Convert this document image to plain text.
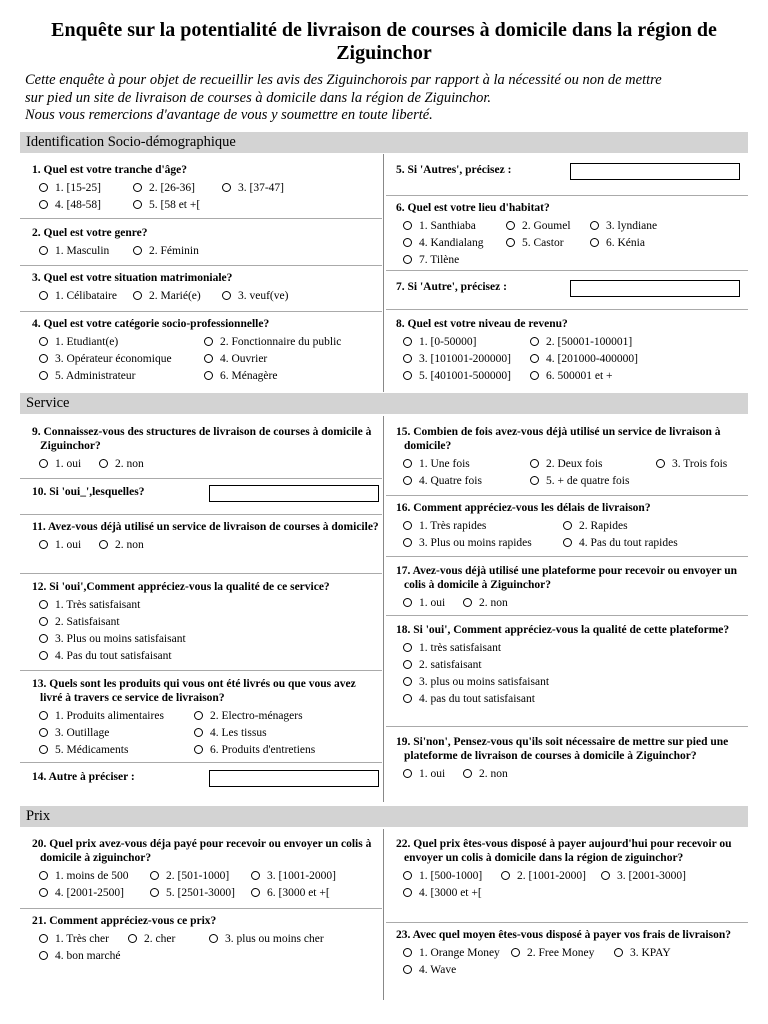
Enquête sur la potentialité de livraison de courses à domicile dans la région de Ziguinchor
Cette enquête à pour objet de recueillir les avis des Ziguinchorois par rapport à la nécessité ou non de mettre
sur pied un site de livraison de courses à domicile dans la région de Ziguinchor.
Nous vous remercions d'avantage de vous y soumettre en toute liberté.
Identification Socio-démographique
Service
Prix
1. Quel est votre tranche d'âge?
1. [15-25]	2. [26-36]	3. [37-47]
4. [48-58]	5. [58 et +[
2. Quel est votre genre?
1. Masculin	2. Féminin
3. Quel est votre situation matrimoniale?
1. Célibataire	2. Marié(e)	3. veuf(ve)
4. Quel est votre catégorie socio-professionnelle?
1. Etudiant(e)	2. Fonctionnaire du public
3. Opérateur économique	4. Ouvrier
5. Administrateur	6. Ménagère
5. Si 'Autres', précisez :
6. Quel est votre lieu d'habitat?
1. Santhiaba	2. Goumel	3. lyndiane
4. Kandialang	5. Castor	6. Kénia
7. Tilène
7. Si 'Autre', précisez :
8. Quel est votre niveau de revenu?
1. [0-50000]	2. [50001-100001]
3. [101001-200000]	4. [201000-400000]
5. [401001-500000]	6. 500001 et +
9. Connaissez-vous des structures de livraison de courses à domicile à Ziguinchor?
1. oui	2. non
10. Si 'oui_',lesquelles?
11. Avez-vous déjà utilisé un service de livraison de courses à domicile?
1. oui	2. non
12. Si 'oui',Comment appréciez-vous la qualité de ce service?
1. Très satisfaisant
2. Satisfaisant
3. Plus ou moins satisfaisant
4. Pas du tout satisfaisant
13. Quels sont les produits qui vous ont été livrés ou que vous avez livré à travers ce service de livraison?
1. Produits alimentaires	2. Electro-ménagers
3. Outillage	4. Les tissus
5. Médicaments	6. Produits d'entretiens
14. Autre à préciser :
15. Combien de fois avez-vous déjà utilisé un service de livraison à domicile?
1. Une fois	2. Deux fois	3. Trois fois
4. Quatre fois	5. + de quatre fois
16. Comment appréciez-vous les délais de livraison?
1. Très rapides	2. Rapides
3. Plus ou moins rapides	4. Pas du tout rapides
17. Avez-vous déjà utilisé une plateforme pour recevoir ou envoyer un colis à domicile à Ziguinchor?
1. oui	2. non
18. Si 'oui', Comment appréciez-vous la qualité de cette plateforme?
1. très satisfaisant
2. satisfaisant
3. plus ou moins satisfaisant
4. pas du tout satisfaisant
19. Si'non', Pensez-vous qu'ils soit nécessaire de mettre sur pied une plateforme de livraison de courses à domicile à Ziguinchor?
1. oui	2. non
20. Quel prix avez-vous déja payé pour recevoir ou envoyer un colis à domicile à ziguinchor?
1. moins de 500	2. [501-1000]	3. [1001-2000]
4. [2001-2500]	5. [2501-3000]	6. [3000 et +[
21. Comment appréciez-vous ce prix?
1. Très cher	2. cher	3. plus ou moins cher
4. bon marché
22. Quel prix êtes-vous disposé à payer aujourd'hui pour recevoir ou envoyer un colis à domicile dans la région de ziguinchor?
1. [500-1000]	2. [1001-2000]	3. [2001-3000]
4. [3000 et +[
23. Avec quel moyen êtes-vous disposé à payer vos frais de livraison?
1. Orange Money 2. Free Money	3. KPAY
4. Wave
